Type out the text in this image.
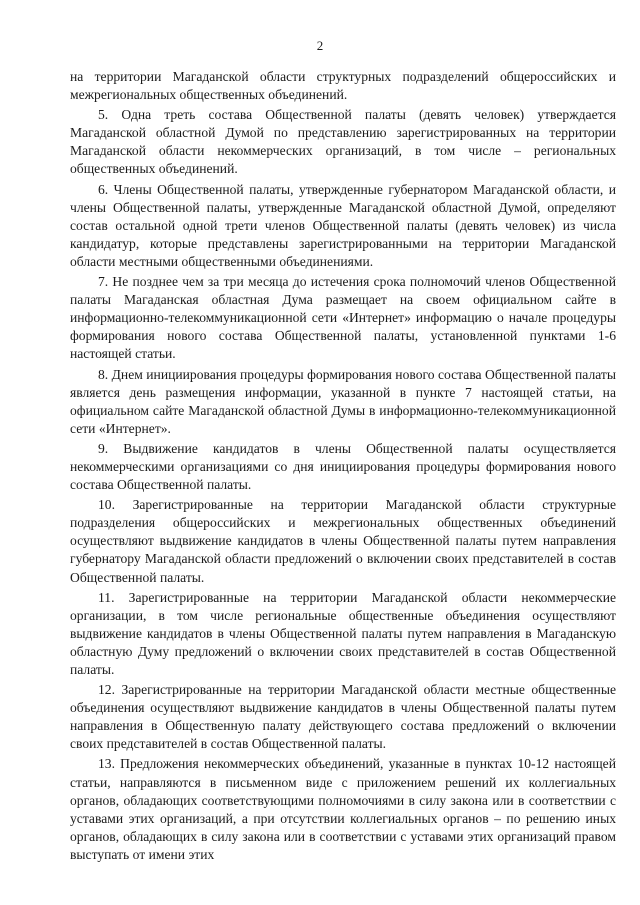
2

на территории Магаданской области структурных подразделений общероссийских и межрегиональных общественных объединений.

5. Одна треть состава Общественной палаты (девять человек) утверждается Магаданской областной Думой по представлению зарегистрированных на территории Магаданской области некоммерческих организаций, в том числе – региональных общественных объединений.

6. Члены Общественной палаты, утвержденные губернатором Магаданской области, и члены Общественной палаты, утвержденные Магаданской областной Думой, определяют состав остальной одной трети членов Общественной палаты (девять человек) из числа кандидатур, которые представлены зарегистрированными на территории Магаданской области местными общественными объединениями.

7. Не позднее чем за три месяца до истечения срока полномочий членов Общественной палаты Магаданская областная Дума размещает на своем официальном сайте в информационно-телекоммуникационной сети «Интернет» информацию о начале процедуры формирования нового состава Общественной палаты, установленной пунктами 1-6 настоящей статьи.

8. Днем инициирования процедуры формирования нового состава Общественной палаты является день размещения информации, указанной в пункте 7 настоящей статьи, на официальном сайте Магаданской областной Думы в информационно-телекоммуникационной сети «Интернет».

9. Выдвижение кандидатов в члены Общественной палаты осуществляется некоммерческими организациями со дня инициирования процедуры формирования нового состава Общественной палаты.

10. Зарегистрированные на территории Магаданской области структурные подразделения общероссийских и межрегиональных общественных объединений осуществляют выдвижение кандидатов в члены Общественной палаты путем направления губернатору Магаданской области предложений о включении своих представителей в состав Общественной палаты.

11. Зарегистрированные на территории Магаданской области некоммерческие организации, в том числе региональные общественные объединения осуществляют выдвижение кандидатов в члены Общественной палаты путем направления в Магаданскую областную Думу предложений о включении своих представителей в состав Общественной палаты.

12. Зарегистрированные на территории Магаданской области местные общественные объединения осуществляют выдвижение кандидатов в члены Общественной палаты путем направления в Общественную палату действующего состава предложений о включении своих представителей в состав Общественной палаты.

13. Предложения некоммерческих объединений, указанные в пунктах 10-12 настоящей статьи, направляются в письменном виде с приложением решений их коллегиальных органов, обладающих соответствующими полномочиями в силу закона или в соответствии с уставами этих организаций, а при отсутствии коллегиальных органов – по решению иных органов, обладающих в силу закона или в соответствии с уставами этих организаций правом выступать от имени этих
